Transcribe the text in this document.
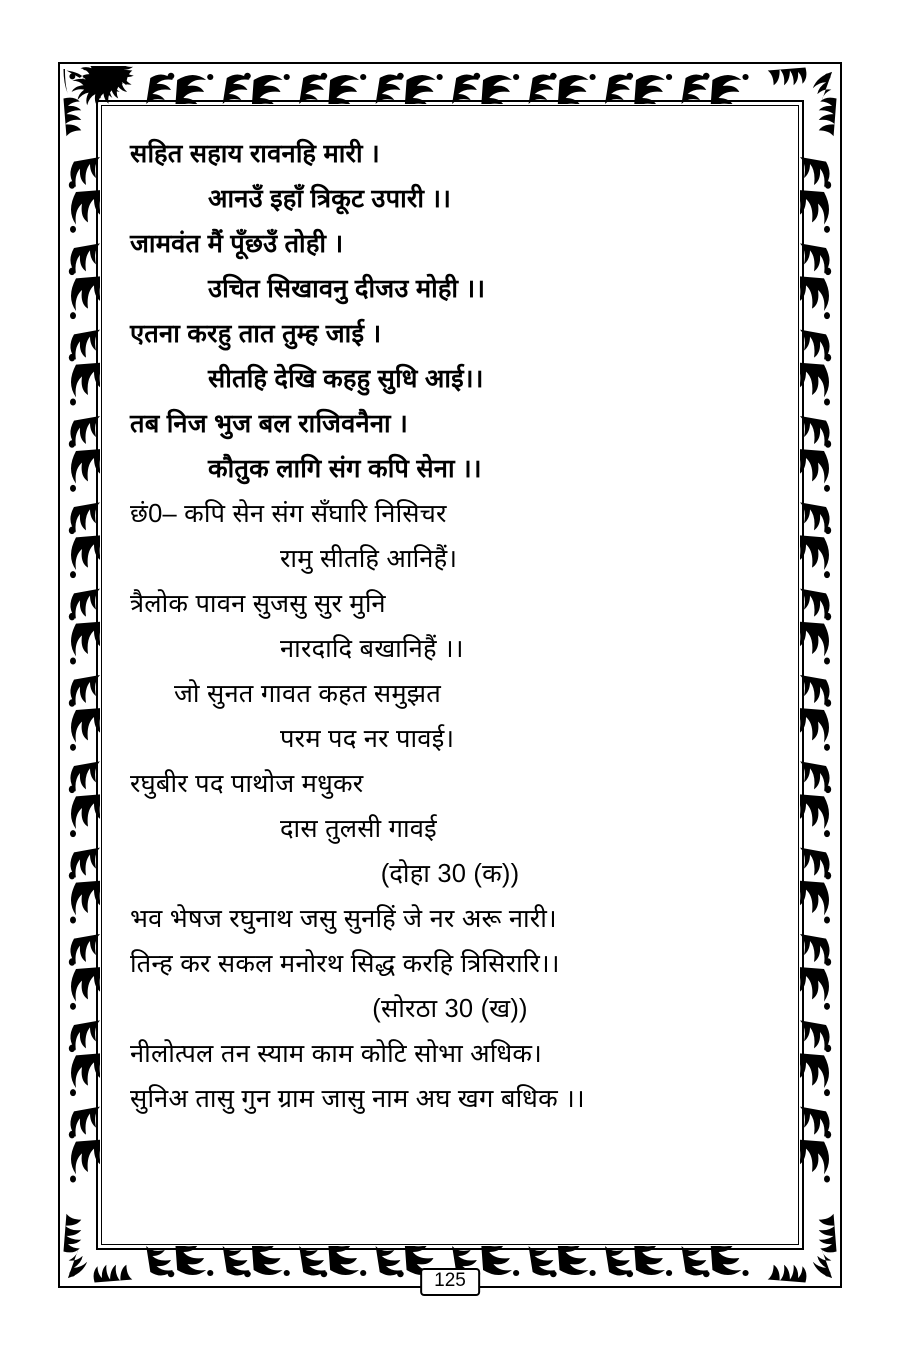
सहित सहाय रावनहि मारी ।
आनउँ इहाँ त्रिकूट उपारी ।।
जामवंत मैं पूँछउँ तोही ।
उचित सिखावनु दीजउ मोही ।।
एतना करहु तात तुम्ह जाई ।
सीतहि देखि कहहु सुधि आई।।
तब निज भुज बल राजिवनैना ।
कौतुक लागि संग कपि सेना ।।
छं0– कपि सेन संग सँघारि निसिचर
रामु सीतहि आनिहैं।
त्रैलोक पावन सुजसु सुर मुनि
नारदादि बखानिहैं ।।
जो सुनत गावत कहत समुझत
परम पद नर पावई।
रघुबीर पद पाथोज मधुकर
दास तुलसी गावई
(दोहा 30 (क))
भव भेषज रघुनाथ जसु सुनहिं जे नर अरू नारी।
तिन्ह कर सकल मनोरथ सिद्ध करहि त्रिसिरारि।।
(सोरठा 30 (ख))
नीलोत्पल तन स्याम काम कोटि सोभा अधिक।
सुनिअ तासु गुन ग्राम जासु नाम अघ खग बधिक ।।
125
